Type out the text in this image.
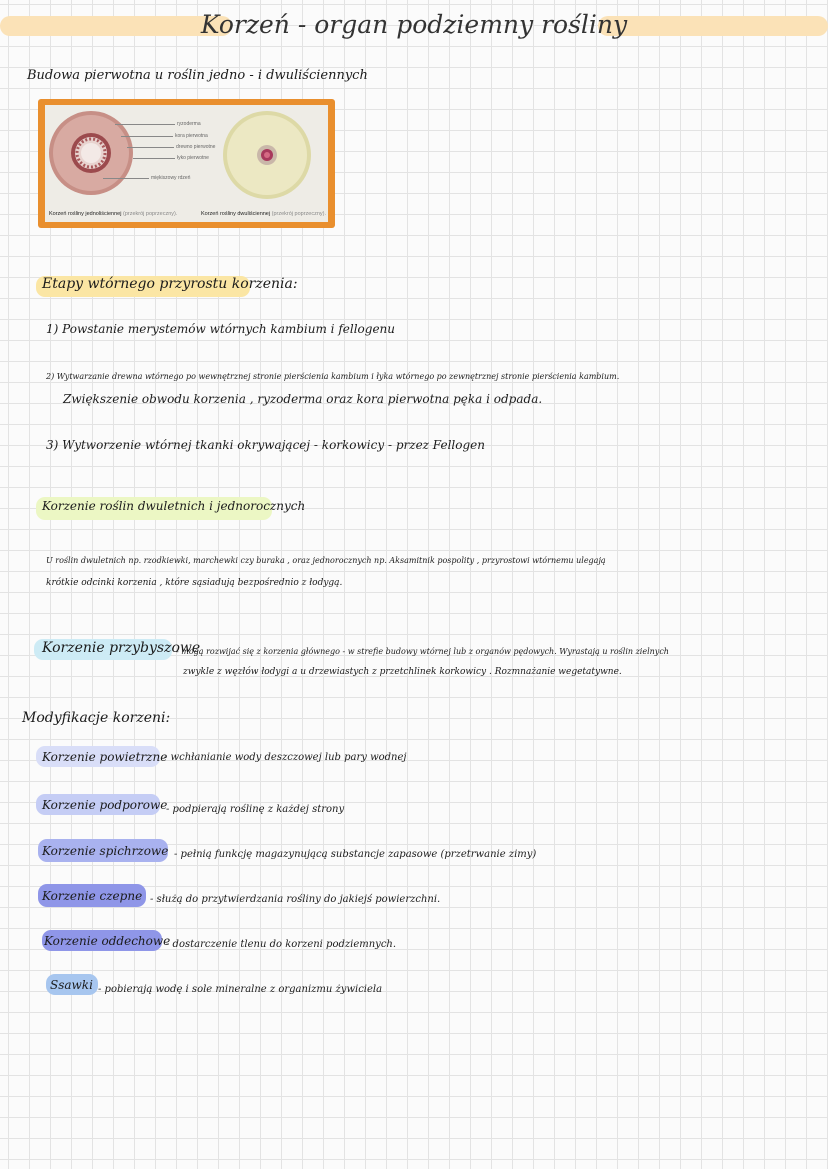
Korzeń - organ podziemny rośliny
Budowa pierwotna u roślin jedno - i dwuliściennych
ryzoderma
kora pierwotna
drewno pierwotne
łyko pierwotne
miękiszowy rdzeń
Korzeń rośliny jednoliściennej (przekrój poprzeczny).	Korzeń rośliny dwuliściennej (przekrój poprzeczny).
Etapy wtórnego przyrostu korzenia:
1) Powstanie merystemów wtórnych kambium i fellogenu
2) Wytwarzanie drewna wtórnego po wewnętrznej stronie pierścienia kambium i łyka wtórnego po zewnętrznej stronie pierścienia kambium.
Zwiększenie obwodu korzenia , ryzoderma oraz kora pierwotna pęka i odpada.
3) Wytworzenie wtórnej tkanki okrywającej - korkowicy - przez Fellogen
Korzenie roślin dwuletnich i jednorocznych
U roślin dwuletnich np. rzodkiewki, marchewki czy buraka , oraz jednorocznych np. Aksamitnik pospolity , przyrostowi wtórnemu ulegają
krótkie odcinki korzenia , które sąsiadują bezpośrednio z łodygą.
Korzenie przybyszowe
- mogą rozwijać się z korzenia głównego - w strefie budowy wtórnej lub z organów pędowych. Wyrastają u roślin zielnych
zwykle z węzłów łodygi a u drzewiastych z przetchlinek korkowicy . Rozmnażanie wegetatywne.
Modyfikacje korzeni:
Korzenie powietrzne
- wchłanianie wody deszczowej lub pary wodnej
Korzenie podporowe
- podpierają roślinę z każdej strony
Korzenie spichrzowe - pełnią funkcję magazynującą substancje zapasowe (przetrwanie zimy)
Korzenie czepne - służą do przytwierdzania rośliny do jakiejś powierzchni.
Korzenie oddechowe
- dostarczenie tlenu do korzeni podziemnych.
Ssawki - pobierają wodę i sole mineralne z organizmu żywiciela
